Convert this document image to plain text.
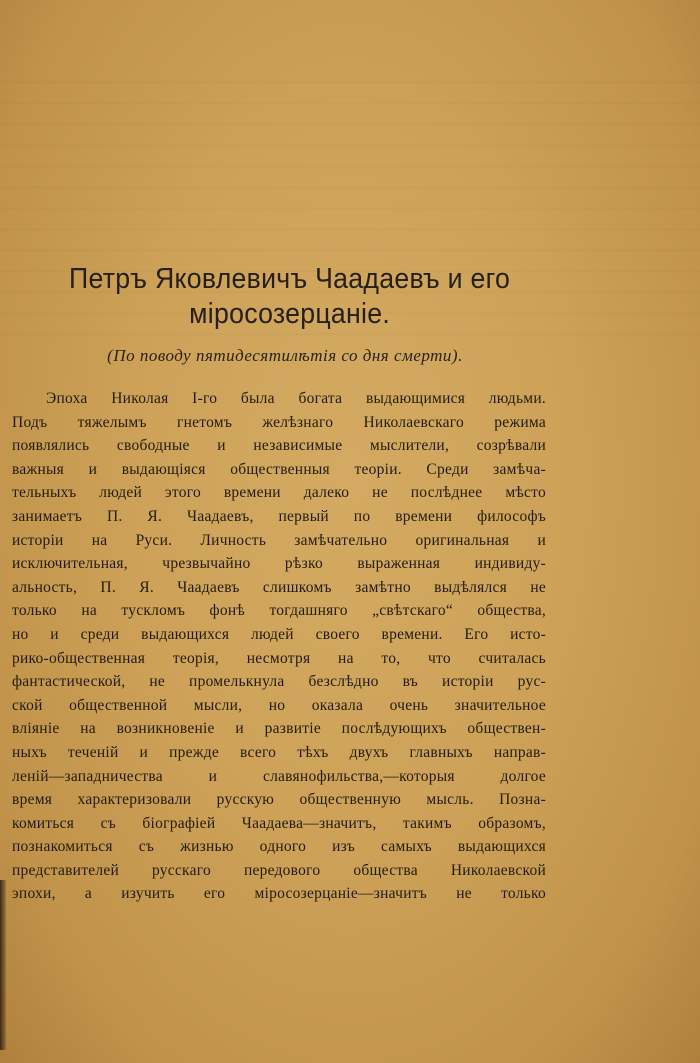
Петръ Яковлевичъ Чаадаевъ и его
міросозерцаніе.
(По поводу пятидесятилѣтія со дня смерти).
Эпоха Николая I-го была богата выдающимися людьми.
Подъ тяжелымъ гнетомъ желѣзнаго Николаевскаго режима
появлялись свободные и независимые мыслители, созрѣвали
важныя и выдающіяся общественныя теоріи. Среди замѣча-
тельныхъ людей этого времени далеко не послѣднее мѣсто
занимаетъ П. Я. Чаадаевъ, первый по времени философъ
исторіи на Руси. Личность замѣчательно оригинальная и
исключительная, чрезвычайно рѣзко выраженная индивиду-
альность, П. Я. Чаадаевъ слишкомъ замѣтно выдѣлялся не
только на тускломъ фонѣ тогдашняго „свѣтскаго“ общества,
но и среди выдающихся людей своего времени. Его исто-
рико-общественная теорія, несмотря на то, что считалась
фантастической, не промелькнула безслѣдно въ исторіи рус-
ской общественной мысли, но оказала очень значительное
вліяніе на возникновеніе и развитіе послѣдующихъ обществен-
ныхъ теченій и прежде всего тѣхъ двухъ главныхъ направ-
леній—западничества и славянофильства,—которыя долгое
время характеризовали русскую общественную мысль. Позна-
комиться съ біографіей Чаадаева—значитъ, такимъ образомъ,
познакомиться съ жизнью одного изъ самыхъ выдающихся
представителей русскаго передового общества Николаевской
эпохи, а изучить его міросозерцаніе—значитъ не только
